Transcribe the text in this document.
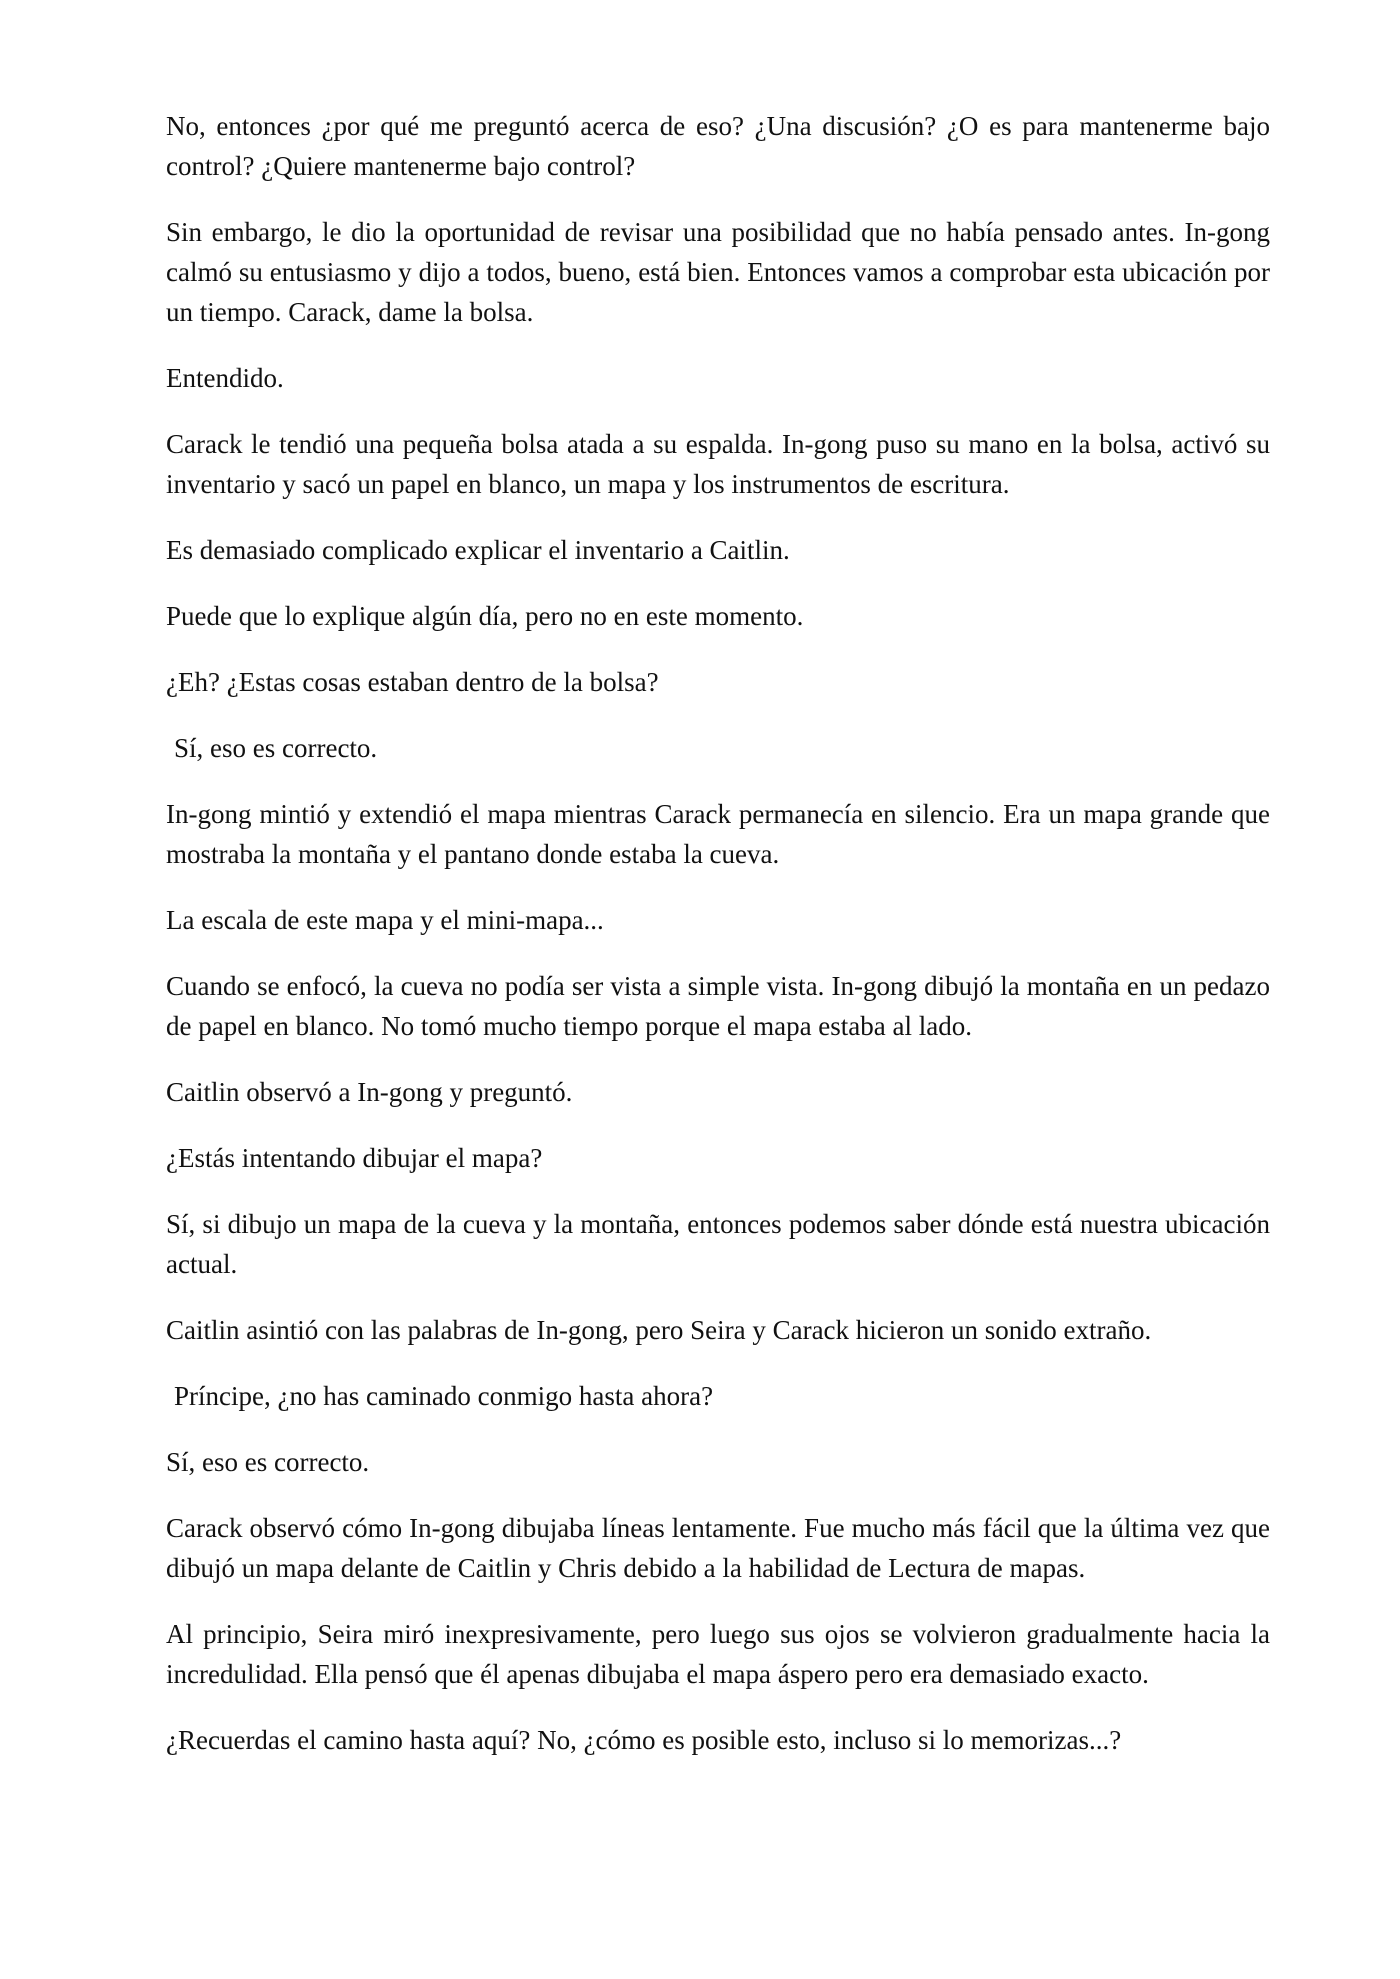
No, entonces ¿por qué me preguntó acerca de eso? ¿Una discusión? ¿O es para mantenerme bajo control? ¿Quiere mantenerme bajo control?

Sin embargo, le dio la oportunidad de revisar una posibilidad que no había pensado antes. In-gong calmó su entusiasmo y dijo a todos, bueno, está bien. Entonces vamos a comprobar esta ubicación por un tiempo. Carack, dame la bolsa.

Entendido.

Carack le tendió una pequeña bolsa atada a su espalda. In-gong puso su mano en la bolsa, activó su inventario y sacó un papel en blanco, un mapa y los instrumentos de escritura.

Es demasiado complicado explicar el inventario a Caitlin.

Puede que lo explique algún día, pero no en este momento.

¿Eh? ¿Estas cosas estaban dentro de la bolsa?

Sí, eso es correcto.

In-gong mintió y extendió el mapa mientras Carack permanecía en silencio. Era un mapa grande que mostraba la montaña y el pantano donde estaba la cueva.

La escala de este mapa y el mini-mapa...

Cuando se enfocó, la cueva no podía ser vista a simple vista. In-gong dibujó la montaña en un pedazo de papel en blanco. No tomó mucho tiempo porque el mapa estaba al lado.

Caitlin observó a In-gong y preguntó.

¿Estás intentando dibujar el mapa?

Sí, si dibujo un mapa de la cueva y la montaña, entonces podemos saber dónde está nuestra ubicación actual.

Caitlin asintió con las palabras de In-gong, pero Seira y Carack hicieron un sonido extraño.

Príncipe, ¿no has caminado conmigo hasta ahora?

Sí, eso es correcto.

Carack observó cómo In-gong dibujaba líneas lentamente. Fue mucho más fácil que la última vez que dibujó un mapa delante de Caitlin y Chris debido a la habilidad de Lectura de mapas.

Al principio, Seira miró inexpresivamente, pero luego sus ojos se volvieron gradualmente hacia la incredulidad. Ella pensó que él apenas dibujaba el mapa áspero pero era demasiado exacto.

¿Recuerdas el camino hasta aquí? No, ¿cómo es posible esto, incluso si lo memorizas...?
